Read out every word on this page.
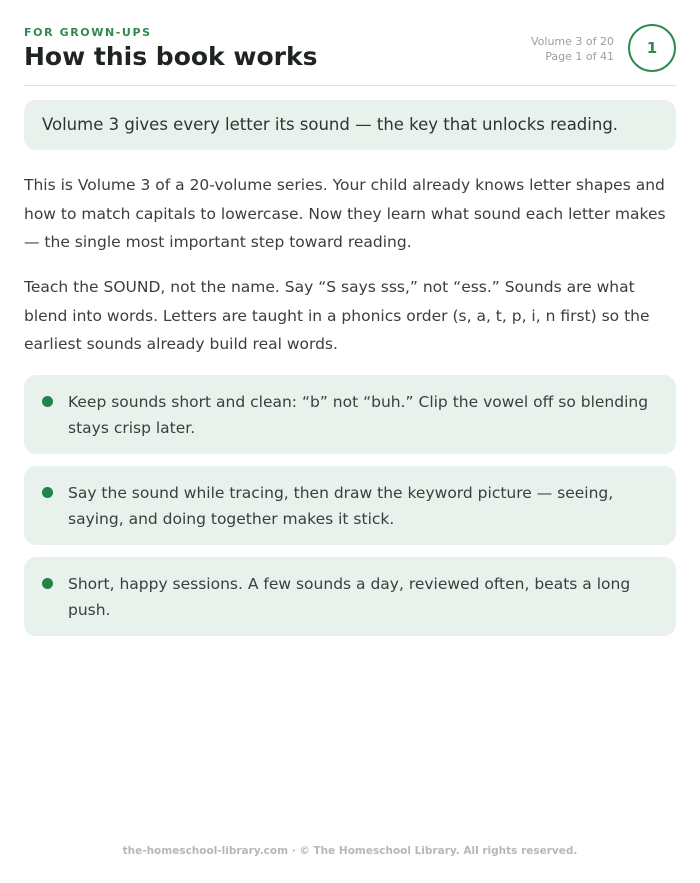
FOR GROWN-UPS
How this book works
Volume 3 of 20
Page 1 of 41	1
Volume 3 gives every letter its sound — the key that unlocks reading.

This is Volume 3 of a 20-volume series. Your child already knows letter shapes and how to match capitals to lowercase. Now they learn what sound each letter makes — the single most important step toward reading.

Teach the SOUND, not the name. Say “S says sss,” not “ess.” Sounds are what blend into words. Letters are taught in a phonics order (s, a, t, p, i, n first) so the earliest sounds already build real words.

Keep sounds short and clean: “b” not “buh.” Clip the vowel off so blending stays crisp later.

Say the sound while tracing, then draw the keyword picture — seeing, saying, and doing together makes it stick.

Short, happy sessions. A few sounds a day, reviewed often, beats a long push.

the-homeschool-library.com · © The Homeschool Library. All rights reserved.
